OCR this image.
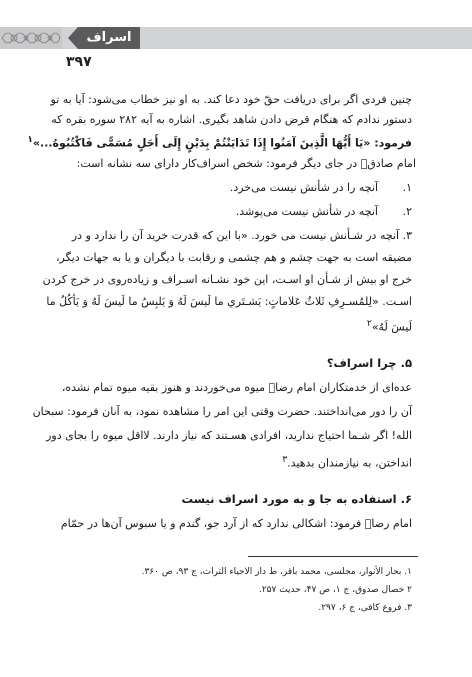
اسراف
۳۹۷
چنین فردی اگر برای دریافت حقّ خود دعا کند. به او نیز خطاب می‌شود: آیا به تو
دستور ندادم که هنگام قرض دادن شاهد بگیری. اشاره به آیه ۲۸۲ سوره بقره که
فرمود: «يَا أَيُّهَا الَّذِينَ آمَنُوا إِذَا تَدَايَنْتُمْ بِدَيْنٍ إِلَى أَجَلٍ مُسَمًّى فَاكْتُبُوهُ...»$^۱$
امام صادقؑ در جای دیگر فرمود: شخص اسراف‌کار دارای سه نشانه است:
۱.آنچه را در شأنش نیست می‌خرد.
۲.آنچه در شأنش نیست می‌پوشد.
۳. آنچه در شـأنش نیست می خورد. «با این که قدرت خرید آن را ندارد و در
مضیقه است به جهت چشم و هم چشمی و رقابت با دیگران و یا به جهات دیگر،
خرج او بیش از شـأن او اسـت، این خود نشـانه اسـراف و زیادەروی در خرج کردن
اسـت. «لِلمُسـرِفِ ثَلاثُ عَلاماتٍ: يَشـتَري ما لَيسَ لَهُ وَ يَلبِسُ ما لَيسَ لَهُ وَ يَأكُلُ ما
لَيسَ لَهُ»$^۲$
۵. چرا اسراف؟
عده‌ای از خدمتکاران امام رضاؑ میوه می‌خوردند و هنوز بقیه میوه تمام نشده،
آن را دور می‌انداختند. حضرت وقتی این امر را مشاهده نمود، به آنان فرمود: سبحان
الله! اگر شـما احتیاج ندارید، افرادی هسـتند که نیاز دارند. لااقل میوه را بجای دور
انداختن، به نیازمندان بدهید.$^۳$
۶. استفاده به جا و به مورد اسراف نیست
امام رضاؑ فرمود: اشکالی ندارد که از آرد جو، گندم و یا سبوس آن‌ها در حمّام
۱. بحار الأنوار، مجلسی، محمد باقر، ط دار الاحیاء التراث، ج ۹۳، ص ۳۶۰.
۲ خصال صدوق، ج ۱، ص ۴۷، حدیث ۲۵۷.
۳. فروع کافی، ج ۶، ۲۹۷.
